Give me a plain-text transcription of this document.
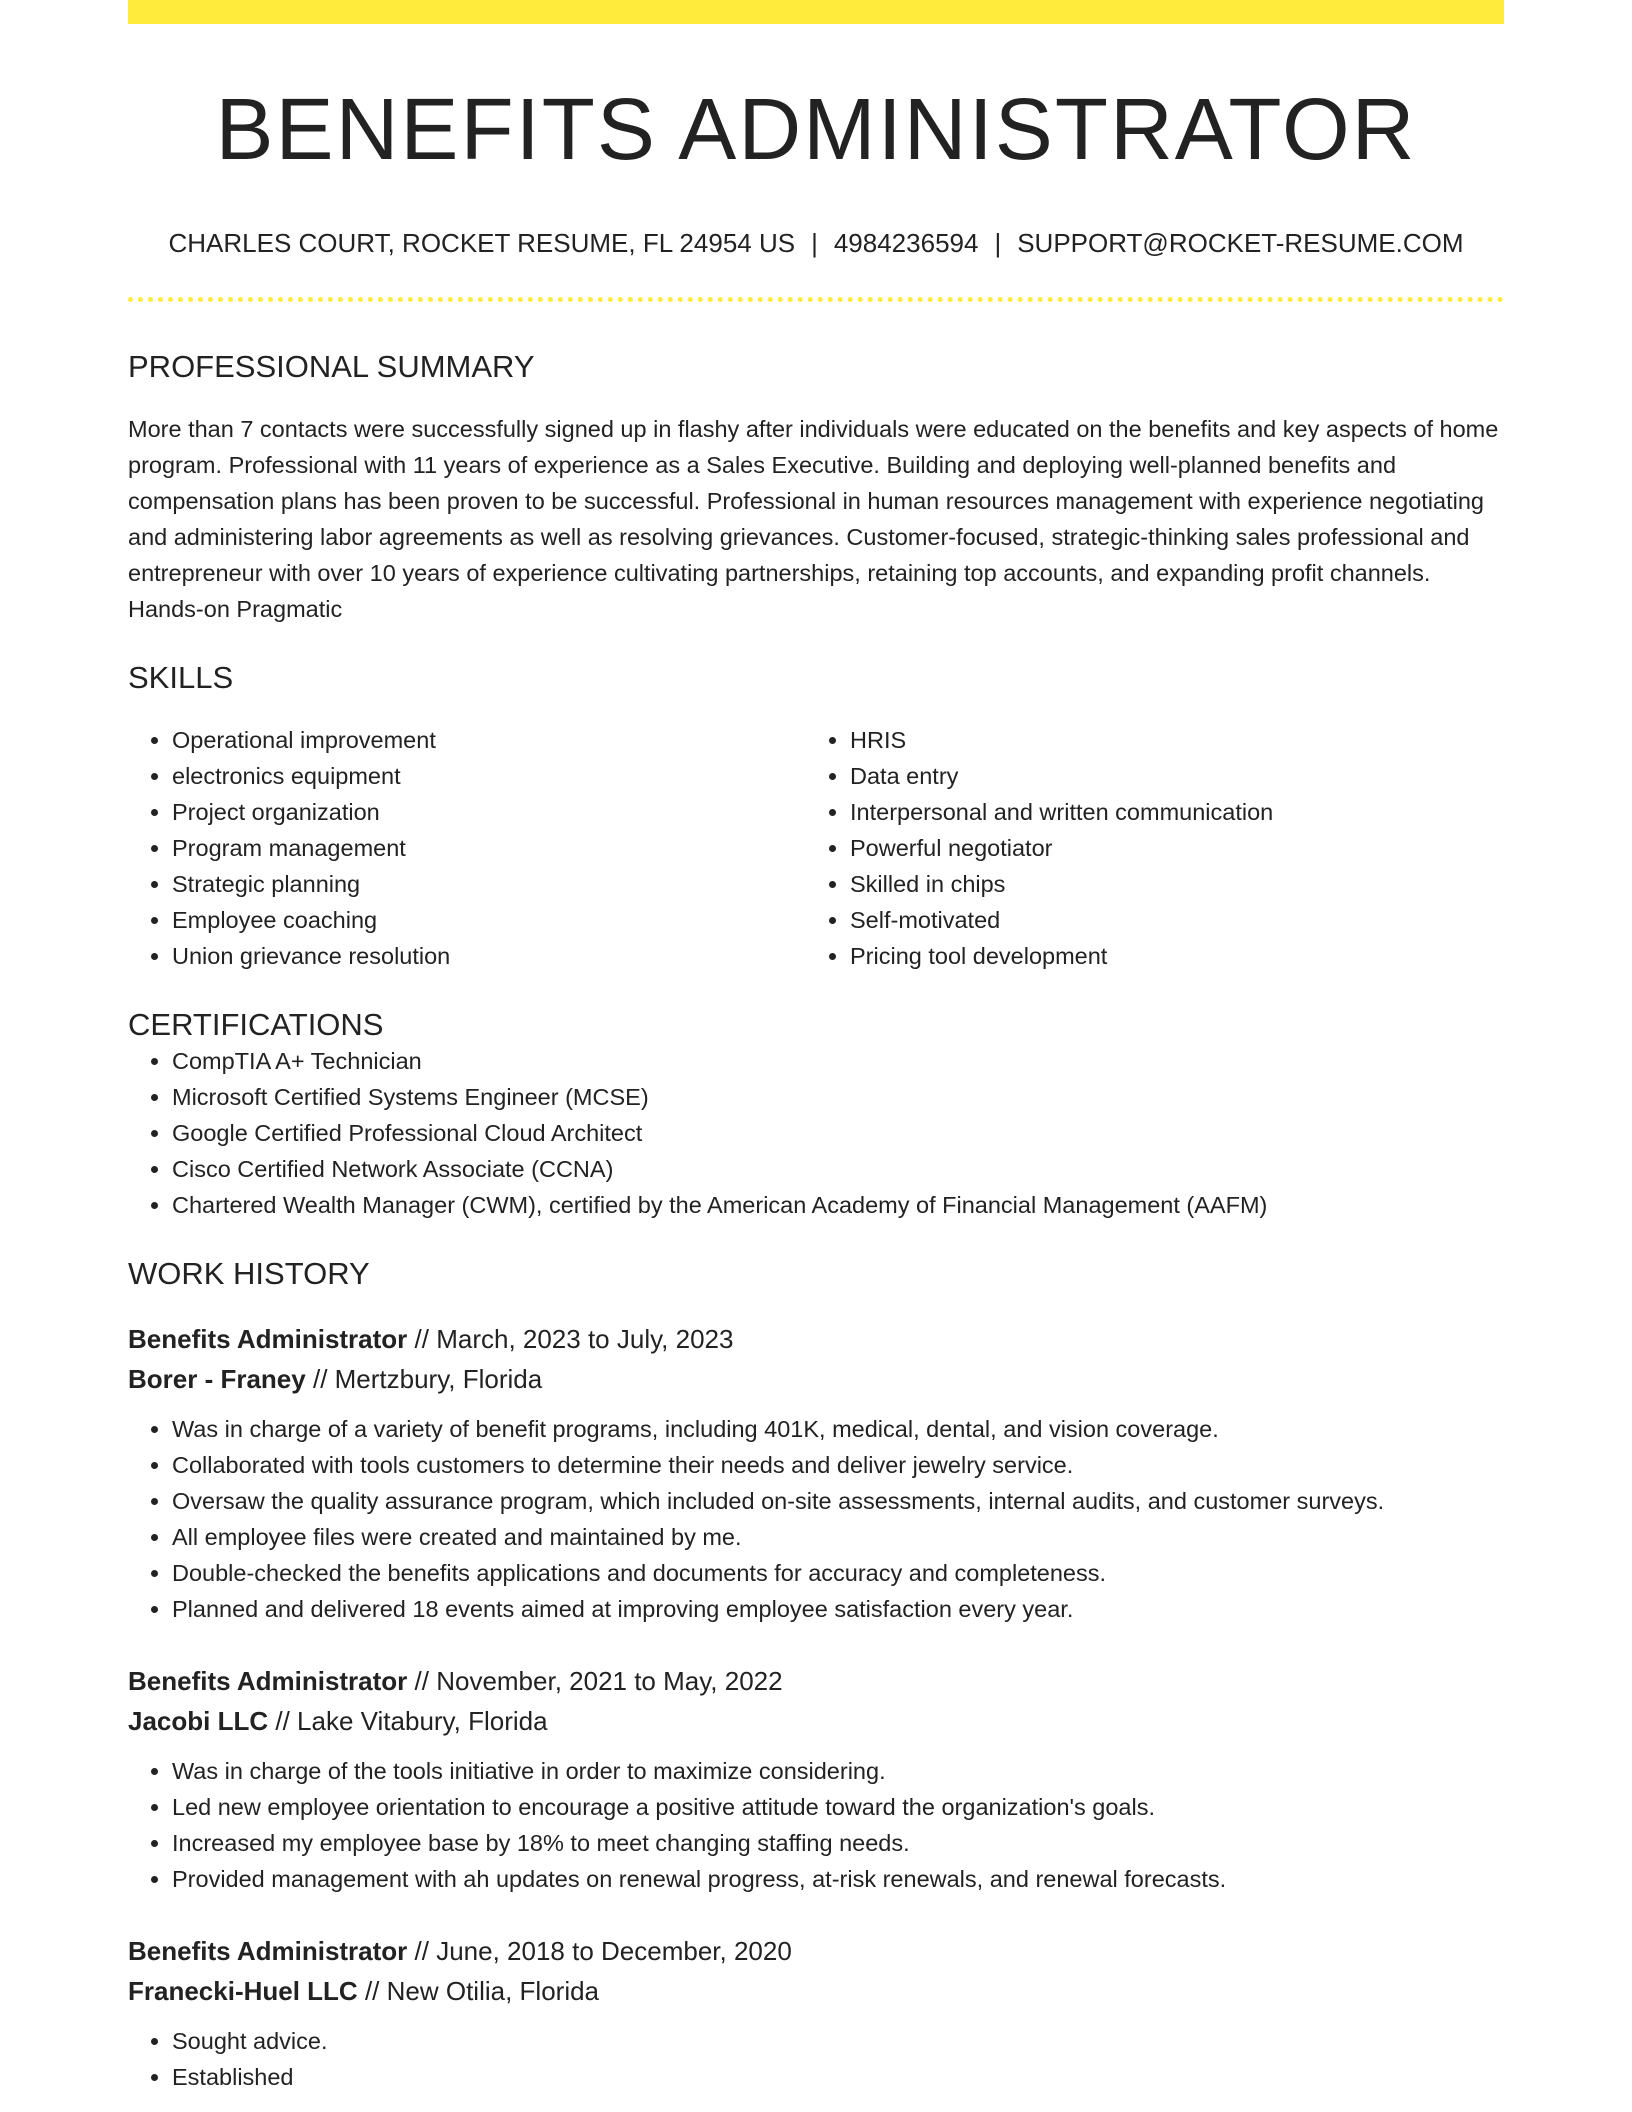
BENEFITS ADMINISTRATOR
CHARLES COURT, ROCKET RESUME, FL 24954 US | 4984236594 | SUPPORT@ROCKET-RESUME.COM
PROFESSIONAL SUMMARY

More than 7 contacts were successfully signed up in flashy after individuals were educated on the benefits and key aspects of home program. Professional with 11 years of experience as a Sales Executive. Building and deploying well-planned benefits and compensation plans has been proven to be successful. Professional in human resources management with experience negotiating and administering labor agreements as well as resolving grievances. Customer-focused, strategic-thinking sales professional and entrepreneur with over 10 years of experience cultivating partnerships, retaining top accounts, and expanding profit channels. Hands-on Pragmatic

SKILLS
• Operational improvement
• electronics equipment
• Project organization
• Program management
• Strategic planning
• Employee coaching
• Union grievance resolution
• HRIS
• Data entry
• Interpersonal and written communication
• Powerful negotiator
• Skilled in chips
• Self-motivated
• Pricing tool development
CERTIFICATIONS
• CompTIA A+ Technician
• Microsoft Certified Systems Engineer (MCSE)
• Google Certified Professional Cloud Architect
• Cisco Certified Network Associate (CCNA)
• Chartered Wealth Manager (CWM), certified by the American Academy of Financial Management (AAFM)
WORK HISTORY
Benefits Administrator // March, 2023 to July, 2023
Borer - Franey // Mertzbury, Florida
• Was in charge of a variety of benefit programs, including 401K, medical, dental, and vision coverage.
• Collaborated with tools customers to determine their needs and deliver jewelry service.
• Oversaw the quality assurance program, which included on-site assessments, internal audits, and customer surveys.
• All employee files were created and maintained by me.
• Double-checked the benefits applications and documents for accuracy and completeness.
• Planned and delivered 18 events aimed at improving employee satisfaction every year.
Benefits Administrator // November, 2021 to May, 2022
Jacobi LLC // Lake Vitabury, Florida
• Was in charge of the tools initiative in order to maximize considering.
• Led new employee orientation to encourage a positive attitude toward the organization's goals.
• Increased my employee base by 18% to meet changing staffing needs.
• Provided management with ah updates on renewal progress, at-risk renewals, and renewal forecasts.
Benefits Administrator // June, 2018 to December, 2020
Franecki-Huel LLC // New Otilia, Florida
• Sought advice.
• Established
